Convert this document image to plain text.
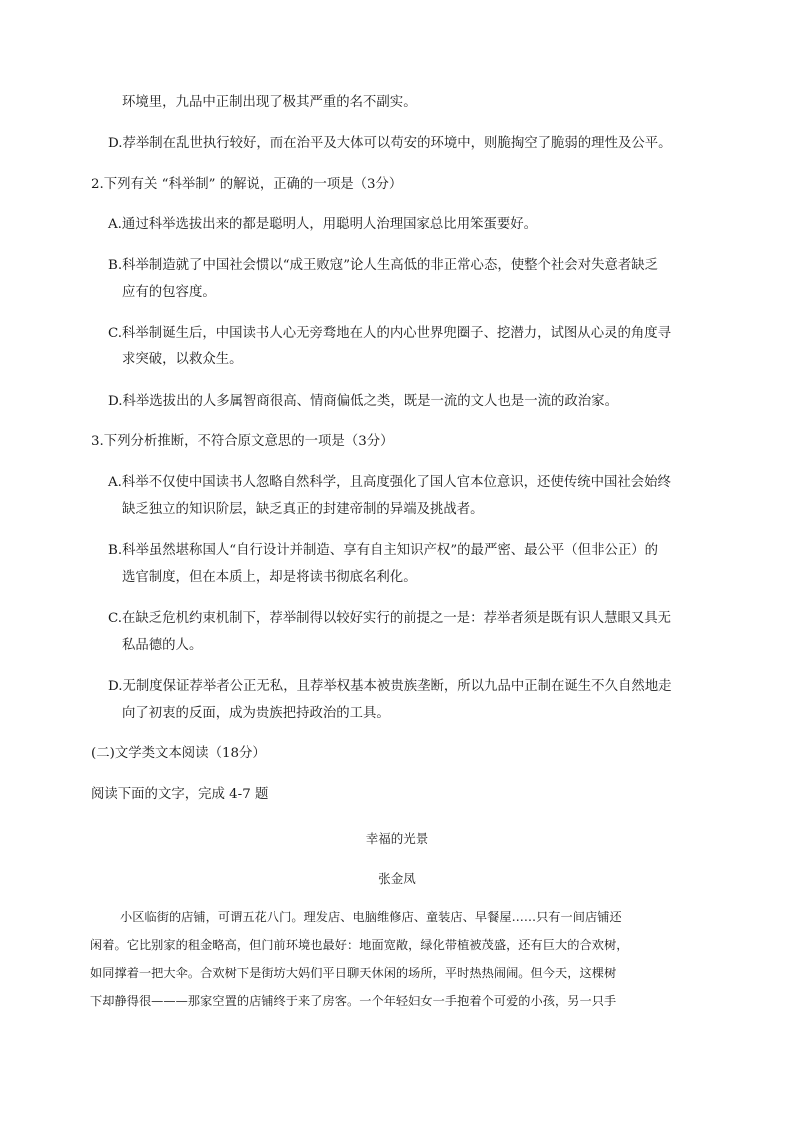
环境里，九品中正制出现了极其严重的名不副实。
D.荐举制在乱世执行较好，而在治平及大体可以苟安的环境中，则脆掏空了脆弱的理性及公平。
2.下列有关 “科举制” 的解说，正确的一项是（3分）
A.通过科举选拔出来的都是聪明人，用聪明人治理国家总比用笨蛋要好。
B.科举制造就了中国社会惯以“成王败寇”论人生高低的非正常心态，使整个社会对失意者缺乏
应有的包容度。
C.科举制诞生后，中国读书人心无旁骛地在人的内心世界兜圈子、挖潜力，试图从心灵的角度寻
求突破，以救众生。
D.科举选拔出的人多属智商很高、情商偏低之类，既是一流的文人也是一流的政治家。
3.下列分析推断，不符合原文意思的一项是（3分）
A.科举不仅使中国读书人忽略自然科学，且高度强化了国人官本位意识，还使传统中国社会始终
缺乏独立的知识阶层，缺乏真正的封建帝制的异端及挑战者。
B.科举虽然堪称国人“自行设计并制造、享有自主知识产权”的最严密、最公平（但非公正）的
选官制度，但在本质上，却是将读书彻底名利化。
C.在缺乏危机约束机制下，荐举制得以较好实行的前提之一是：荐举者须是既有识人慧眼又具无
私品德的人。
D.无制度保证荐举者公正无私，且荐举权基本被贵族垄断，所以九品中正制在诞生不久自然地走
向了初衷的反面，成为贵族把持政治的工具。
(二)文学类文本阅读（18分）
阅读下面的文字，完成 4-7 题
幸福的光景
张金凤
小区临街的店铺，可谓五花八门。理发店、电脑维修店、童装店、早餐屋……只有一间店铺还
闲着。它比别家的租金略高，但门前环境也最好：地面宽敞，绿化带植被茂盛，还有巨大的合欢树，
如同撑着一把大伞。合欢树下是街坊大妈们平日聊天休闲的场所，平时热热闹闹。但今天，这棵树
下却静得很———那家空置的店铺终于来了房客。一个年轻妇女一手抱着个可爱的小孩，另一只手
